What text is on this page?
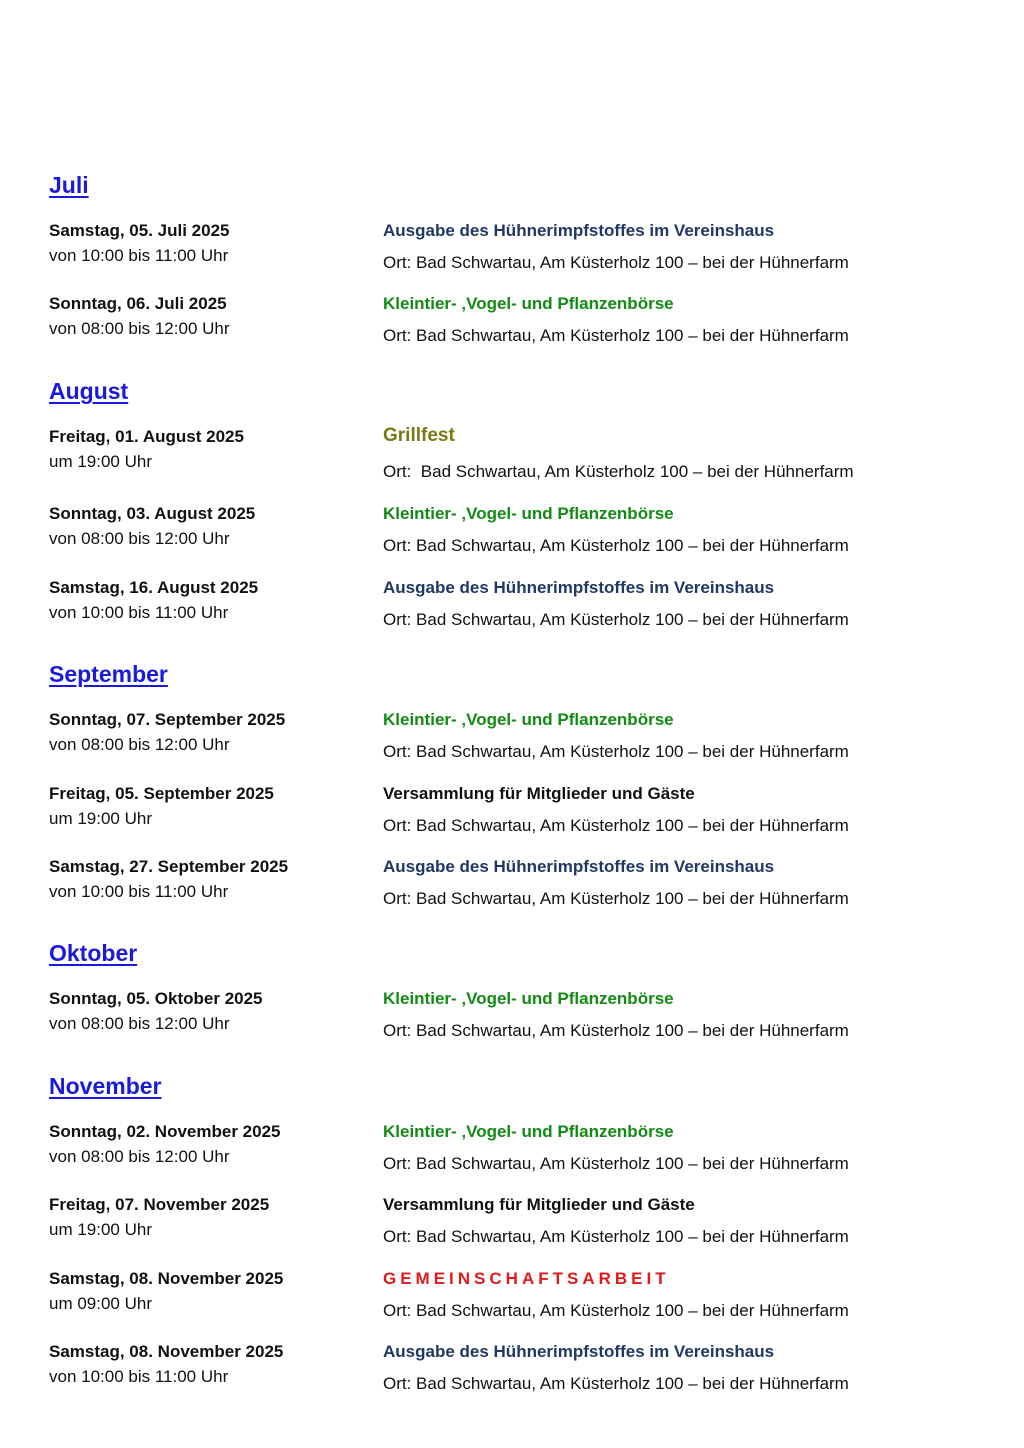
Juli
Samstag, 05. Juli 2025
von 10:00 bis 11:00 Uhr
Ausgabe des Hühnerimpfstoffes im Vereinshaus
Ort: Bad Schwartau, Am Küsterholz 100 – bei der Hühnerfarm
Sonntag, 06. Juli 2025
von 08:00 bis 12:00 Uhr
Kleintier- ‚Vogel- und Pflanzenbörse
Ort: Bad Schwartau, Am Küsterholz 100 – bei der Hühnerfarm
August
Freitag, 01. August 2025
um 19:00 Uhr
Grillfest
Ort:  Bad Schwartau, Am Küsterholz 100 – bei der Hühnerfarm
Sonntag, 03. August 2025
von 08:00 bis 12:00 Uhr
Kleintier- ‚Vogel- und Pflanzenbörse
Ort: Bad Schwartau, Am Küsterholz 100 – bei der Hühnerfarm
Samstag, 16. August 2025
von 10:00 bis 11:00 Uhr
Ausgabe des Hühnerimpfstoffes im Vereinshaus
Ort: Bad Schwartau, Am Küsterholz 100 – bei der Hühnerfarm
September
Sonntag, 07. September 2025
von 08:00 bis 12:00 Uhr
Kleintier- ‚Vogel- und Pflanzenbörse
Ort: Bad Schwartau, Am Küsterholz 100 – bei der Hühnerfarm
Freitag, 05. September 2025
um 19:00 Uhr
Versammlung für Mitglieder und Gäste
Ort: Bad Schwartau, Am Küsterholz 100 – bei der Hühnerfarm
Samstag, 27. September 2025
von 10:00 bis 11:00 Uhr
Ausgabe des Hühnerimpfstoffes im Vereinshaus
Ort: Bad Schwartau, Am Küsterholz 100 – bei der Hühnerfarm
Oktober
Sonntag, 05. Oktober 2025
von 08:00 bis 12:00 Uhr
Kleintier- ‚Vogel- und Pflanzenbörse
Ort: Bad Schwartau, Am Küsterholz 100 – bei der Hühnerfarm
November
Sonntag, 02. November 2025
von 08:00 bis 12:00 Uhr
Kleintier- ‚Vogel- und Pflanzenbörse
Ort: Bad Schwartau, Am Küsterholz 100 – bei der Hühnerfarm
Freitag, 07. November 2025
um 19:00 Uhr
Versammlung für Mitglieder und Gäste
Ort: Bad Schwartau, Am Küsterholz 100 – bei der Hühnerfarm
Samstag, 08. November 2025
um 09:00 Uhr
GEMEINSCHAFTSARBEIT
Ort: Bad Schwartau, Am Küsterholz 100 – bei der Hühnerfarm
Samstag, 08. November 2025
von 10:00 bis 11:00 Uhr
Ausgabe des Hühnerimpfstoffes im Vereinshaus
Ort: Bad Schwartau, Am Küsterholz 100 – bei der Hühnerfarm
